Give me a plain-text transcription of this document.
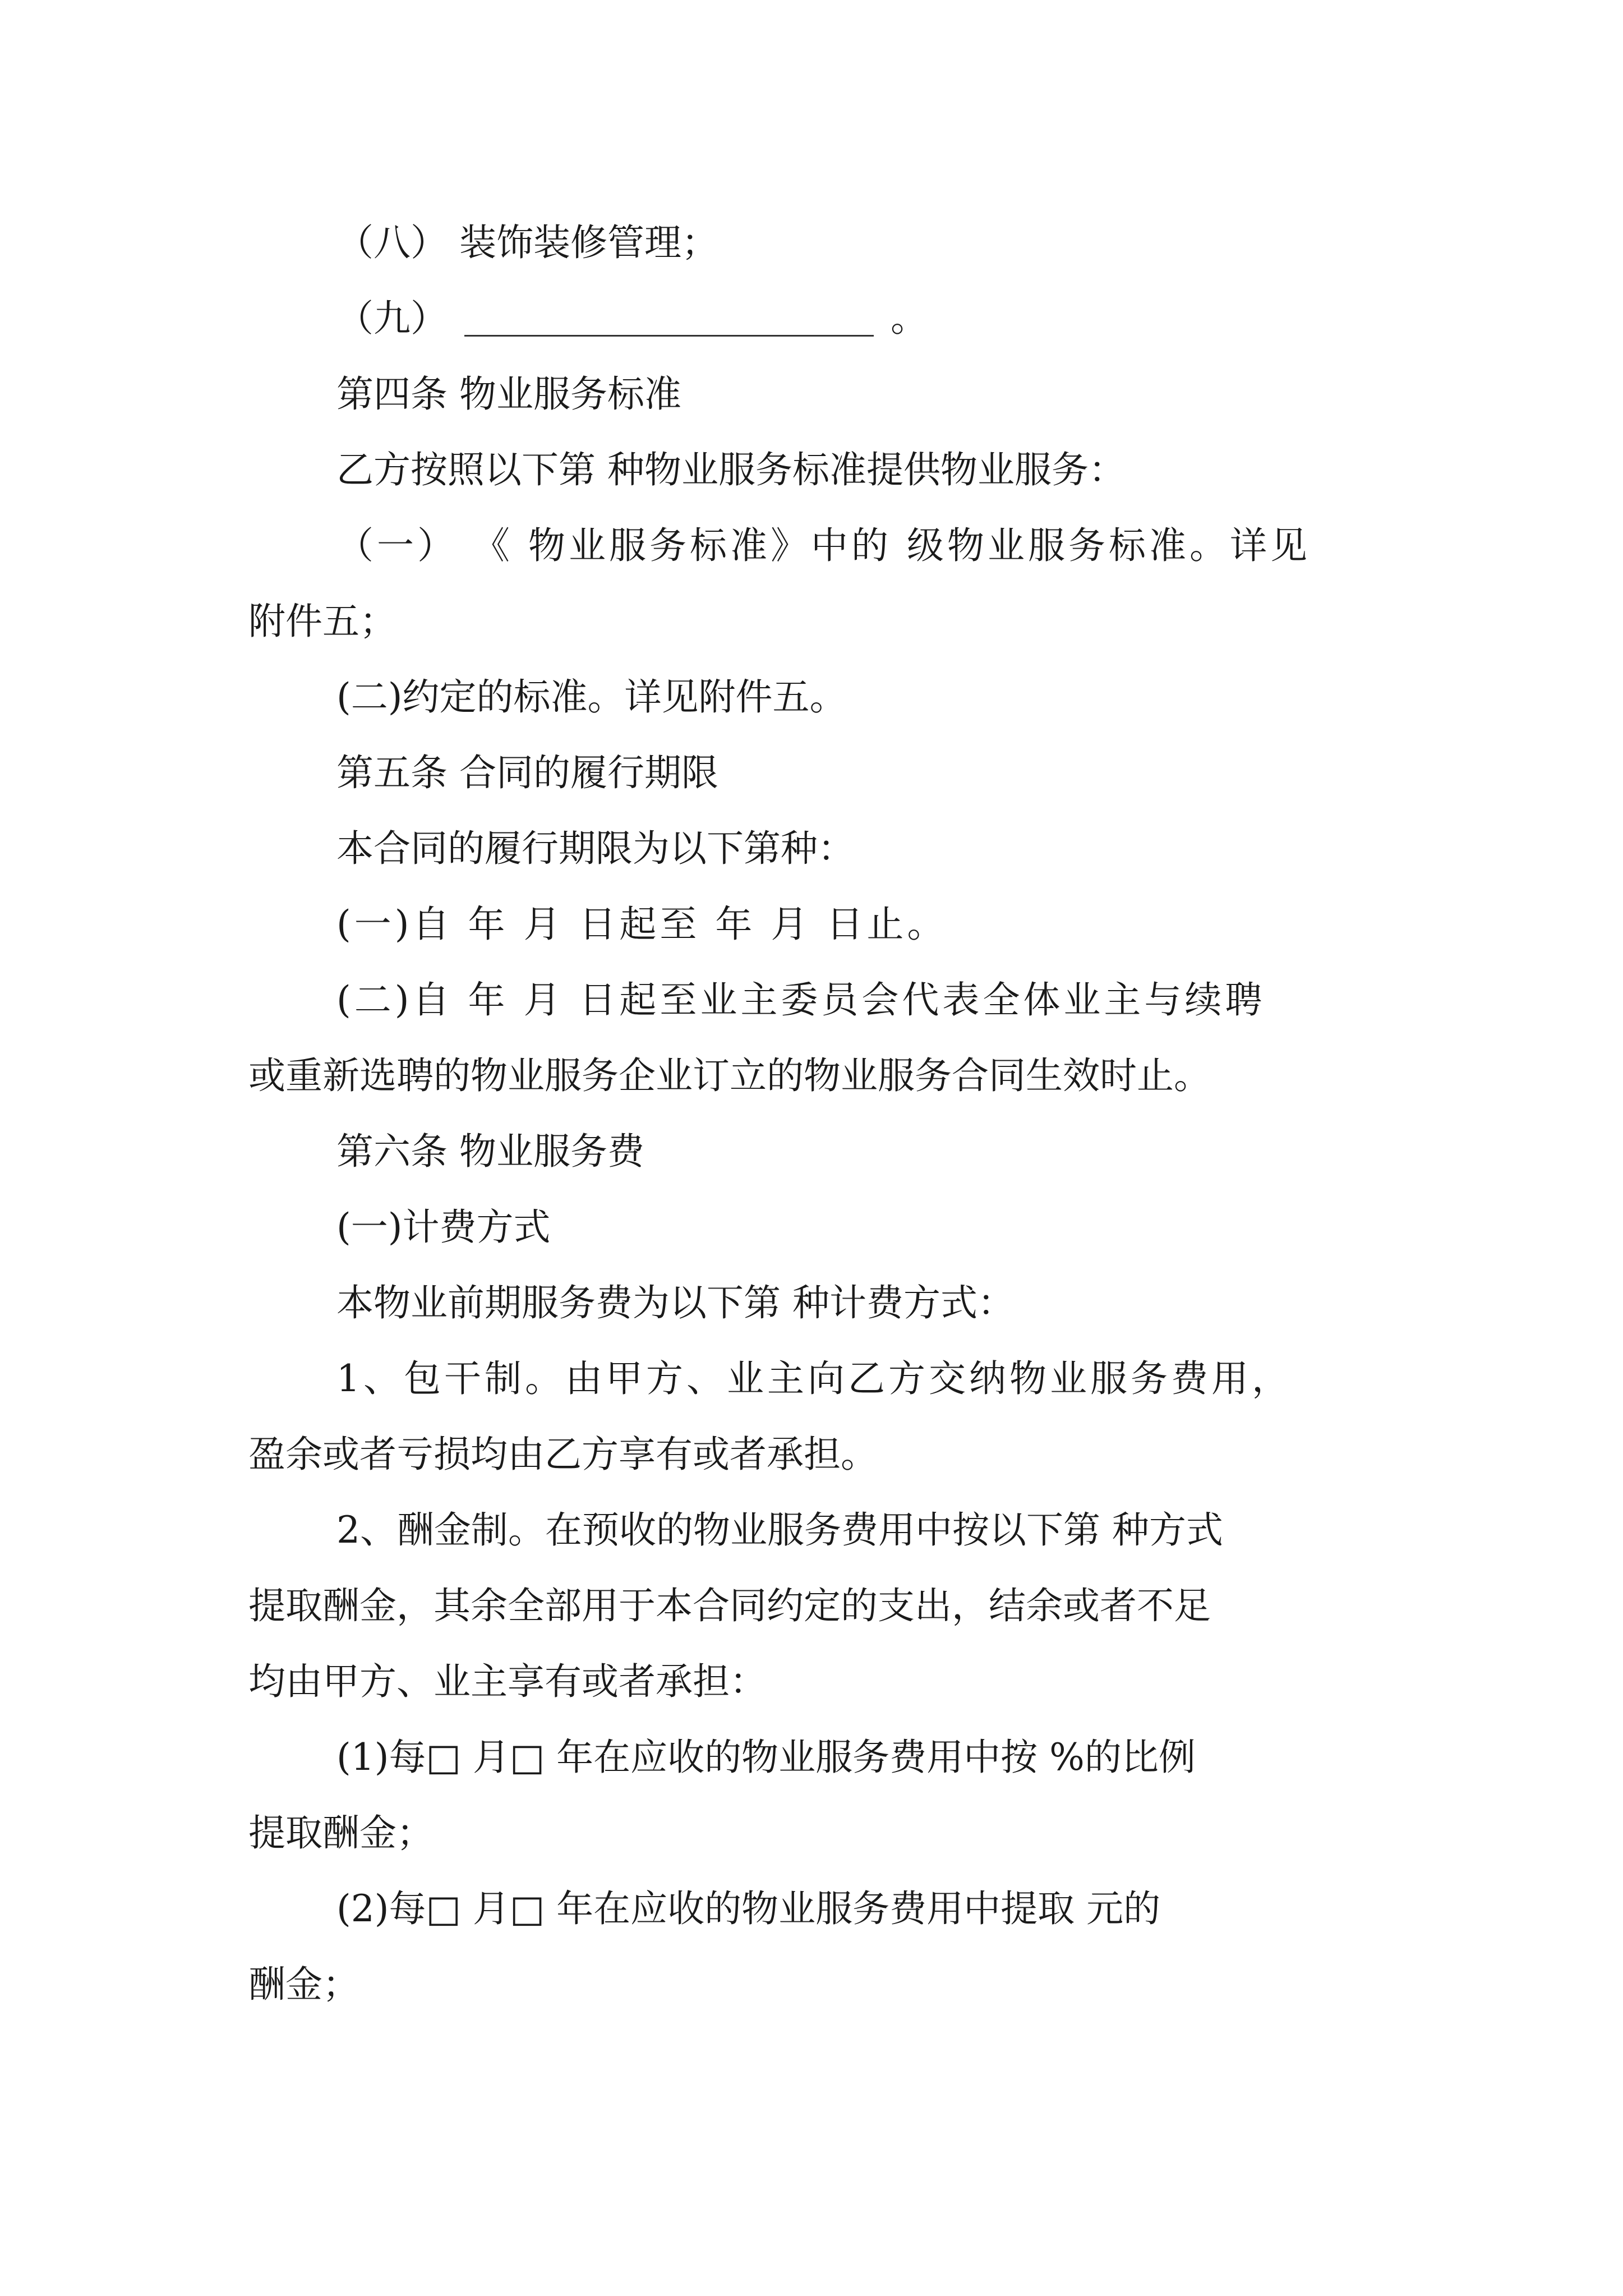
（八） 装饰装修管理；
（九）	。
第四条 物业服务标准
乙方按照以下第 种物业服务标准提供物业服务：
（一） 《 物业服务标准》中的 级物业服务标准。详见
附件五；
(二)约定的标准。详见附件五。
第五条 合同的履行期限
本合同的履行期限为以下第种：
(一)自 年 月 日起至 年 月 日止。
(二)自 年 月 日起至业主委员会代表全体业主与续聘
或重新选聘的物业服务企业订立的物业服务合同生效时止。
第六条 物业服务费
(一)计费方式
本物业前期服务费为以下第 种计费方式：
1、包干制。由甲方、业主向乙方交纳物业服务费用，
盈余或者亏损均由乙方享有或者承担。
2、酬金制。在预收的物业服务费用中按以下第 种方式
提取酬金，其余全部用于本合同约定的支出，结余或者不足
均由甲方、业主享有或者承担：
(1)每□ 月□ 年在应收的物业服务费用中按 %的比例
提取酬金；
(2)每□ 月□ 年在应收的物业服务费用中提取 元的
酬金；
